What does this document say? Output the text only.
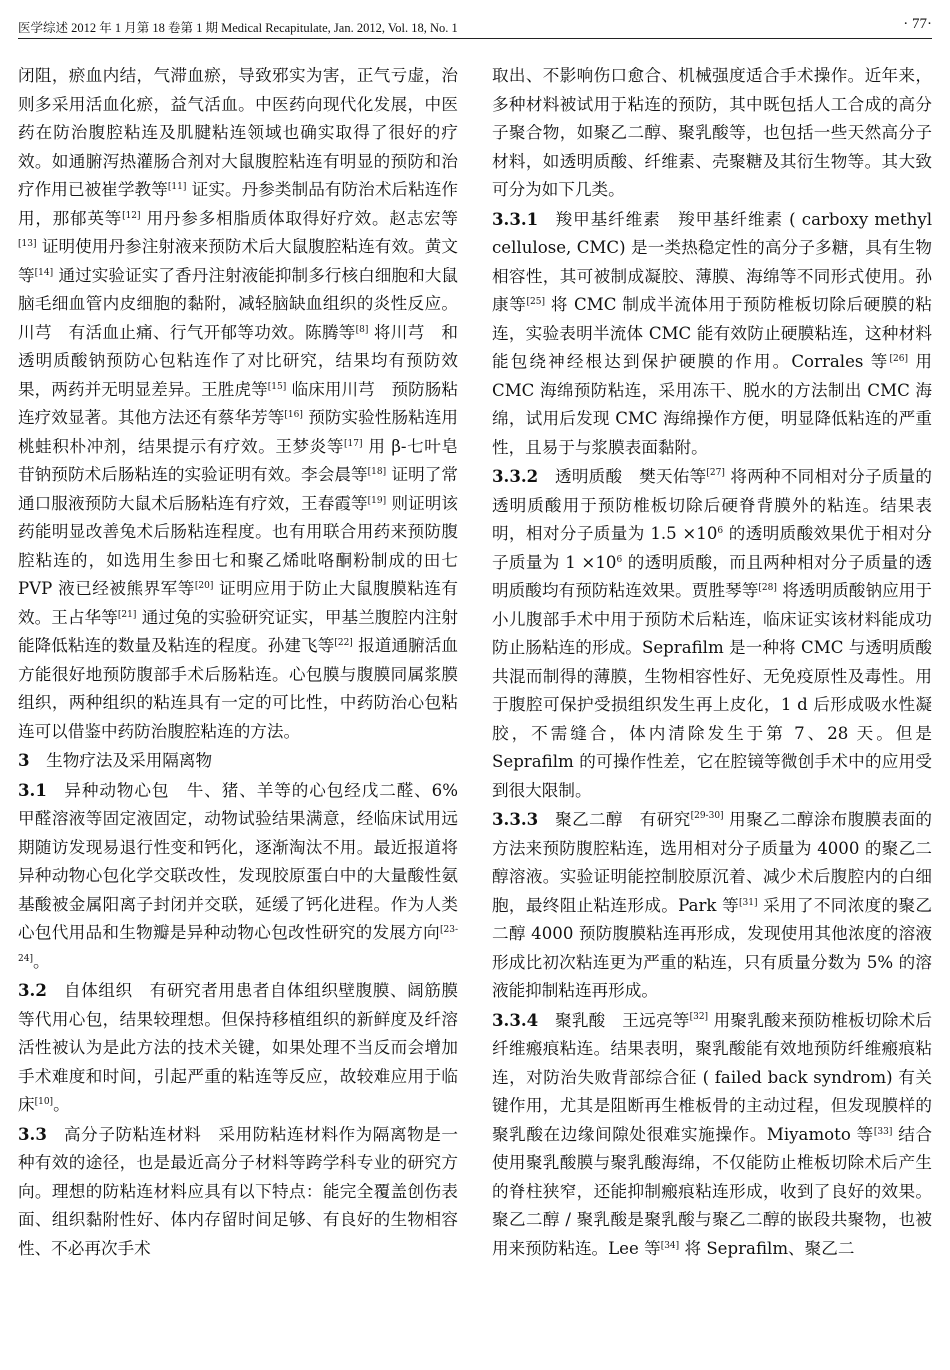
医学综述 2012 年 1 月第 18 卷第 1 期 Medical Recapitulate, Jan. 2012, Vol. 18, No. 1	· 77·

闭阻，瘀血内结，气滞血瘀，导致邪实为害，正气亏虚，治则多采用活血化瘀，益气活血。中医药向现代化发展，中医药在防治腹腔粘连及肌腱粘连领域也确实取得了很好的疗效。如通腑泻热灌肠合剂对大鼠腹腔粘连有明显的预防和治疗作用已被崔学教等[11] 证实。丹参类制品有防治术后粘连作用，那郁英等[12] 用丹参多相脂质体取得好疗效。赵志宏等[13] 证明使用丹参注射液来预防术后大鼠腹腔粘连有效。黄文等[14] 通过实验证实了香丹注射液能抑制多行核白细胞和大鼠脑毛细血管内皮细胞的黏附，减轻脑缺血组织的炎性反应。川芎 有活血止痛、行气开郁等功效。陈腾等[8] 将川芎 和透明质酸钠预防心包粘连作了对比研究，结果均有预防效果，两药并无明显差异。王胜虎等[15] 临床用川芎 预防肠粘连疗效显著。其他方法还有蔡华芳等[16] 预防实验性肠粘连用桃蛙积朴冲剂，结果提示有疗效。王梦炎等[17] 用 β-七叶皂苷钠预防术后肠粘连的实验证明有效。李会晨等[18] 证明了常通口服液预防大鼠术后肠粘连有疗效，王春霞等[19] 则证明该药能明显改善兔术后肠粘连程度。也有用联合用药来预防腹腔粘连的，如选用生参田七和聚乙烯吡咯酮粉制成的田七 PVP 液已经被熊界军等[20] 证明应用于防止大鼠腹膜粘连有效。王占华等[21] 通过兔的实验研究证实，甲基兰腹腔内注射能降低粘连的数量及粘连的程度。孙建飞等[22] 报道通腑活血方能很好地预防腹部手术后肠粘连。心包膜与腹膜同属浆膜组织，两种组织的粘连具有一定的可比性，中药防治心包粘连可以借鉴中药防治腹腔粘连的方法。

3 生物疗法及采用隔离物

3.1 异种动物心包 牛、猪、羊等的心包经戊二醛、6% 甲醛溶液等固定液固定，动物试验结果满意，经临床试用远期随访发现易退行性变和钙化，逐渐淘汰不用。最近报道将异种动物心包化学交联改性，发现胶原蛋白中的大量酸性氨基酸被金属阳离子封闭并交联，延缓了钙化进程。作为人类心包代用品和生物瓣是异种动物心包改性研究的发展方向[23-24]。

3.2 自体组织 有研究者用患者自体组织壁腹膜、阔筋膜等代用心包，结果较理想。但保持移植组织的新鲜度及纤溶活性被认为是此方法的技术关键，如果处理不当反而会增加手术难度和时间，引起严重的粘连等反应，故较难应用于临床[10]。

3.3 高分子防粘连材料 采用防粘连材料作为隔离物是一种有效的途径，也是最近高分子材料等跨学科专业的研究方向。理想的防粘连材料应具有以下特点：能完全覆盖创伤表面、组织黏附性好、体内存留时间足够、有良好的生物相容性、不必再次手术

取出、不影响伤口愈合、机械强度适合手术操作。近年来，多种材料被试用于粘连的预防，其中既包括人工合成的高分子聚合物，如聚乙二醇、聚乳酸等，也包括一些天然高分子材料，如透明质酸、纤维素、壳聚糖及其衍生物等。其大致可分为如下几类。

3.3.1 羧甲基纤维素 羧甲基纤维素 ( carboxy methyl cellulose, CMC) 是一类热稳定性的高分子多糖，具有生物相容性，其可被制成凝胶、薄膜、海绵等不同形式使用。孙康等[25] 将 CMC 制成半流体用于预防椎板切除后硬膜的粘连，实验表明半流体 CMC 能有效防止硬膜粘连，这种材料能包绕神经根达到保护硬膜的作用。Corrales 等[26] 用 CMC 海绵预防粘连，采用冻干、脱水的方法制出 CMC 海绵，试用后发现 CMC 海绵操作方便，明显降低粘连的严重性，且易于与浆膜表面黏附。

3.3.2 透明质酸 樊天佑等[27] 将两种不同相对分子质量的透明质酸用于预防椎板切除后硬脊背膜外的粘连。结果表明，相对分子质量为 $1.5 \times 10^6$ 的透明质酸效果优于相对分子质量为 $1 \times 10^6$ 的透明质酸，而且两种相对分子质量的透明质酸均有预防粘连效果。贾胜琴等[28] 将透明质酸钠应用于小儿腹部手术中用于预防术后粘连，临床证实该材料能成功防止肠粘连的形成。Seprafilm 是一种将 CMC 与透明质酸共混而制得的薄膜，生物相容性好、无免疫原性及毒性。用于腹腔可保护受损组织发生再上皮化，1 d 后形成吸水性凝胶，不需缝合，体内清除发生于第 7、28 天。但是 Seprafilm 的可操作性差，它在腔镜等微创手术中的应用受到很大限制。

3.3.3 聚乙二醇 有研究[29-30] 用聚乙二醇涂布腹膜表面的方法来预防腹腔粘连，选用相对分子质量为 4000 的聚乙二醇溶液。实验证明能控制胶原沉着、减少术后腹腔内的白细胞，最终阻止粘连形成。Park 等[31] 采用了不同浓度的聚乙二醇 4000 预防腹膜粘连再形成，发现使用其他浓度的溶液形成比初次粘连更为严重的粘连，只有质量分数为 5% 的溶液能抑制粘连再形成。

3.3.4 聚乳酸 王远亮等[32] 用聚乳酸来预防椎板切除术后纤维瘢痕粘连。结果表明，聚乳酸能有效地预防纤维瘢痕粘连，对防治失败背部综合征 ( failed back syndrom) 有关键作用，尤其是阻断再生椎板骨的主动过程，但发现膜样的聚乳酸在边缘间隙处很难实施操作。Miyamoto 等[33] 结合使用聚乳酸膜与聚乳酸海绵，不仅能防止椎板切除术后产生的脊柱狭窄，还能抑制瘢痕粘连形成，收到了良好的效果。聚乙二醇 / 聚乳酸是聚乳酸与聚乙二醇的嵌段共聚物，也被用来预防粘连。Lee 等[34] 将 Seprafilm、聚乙二
